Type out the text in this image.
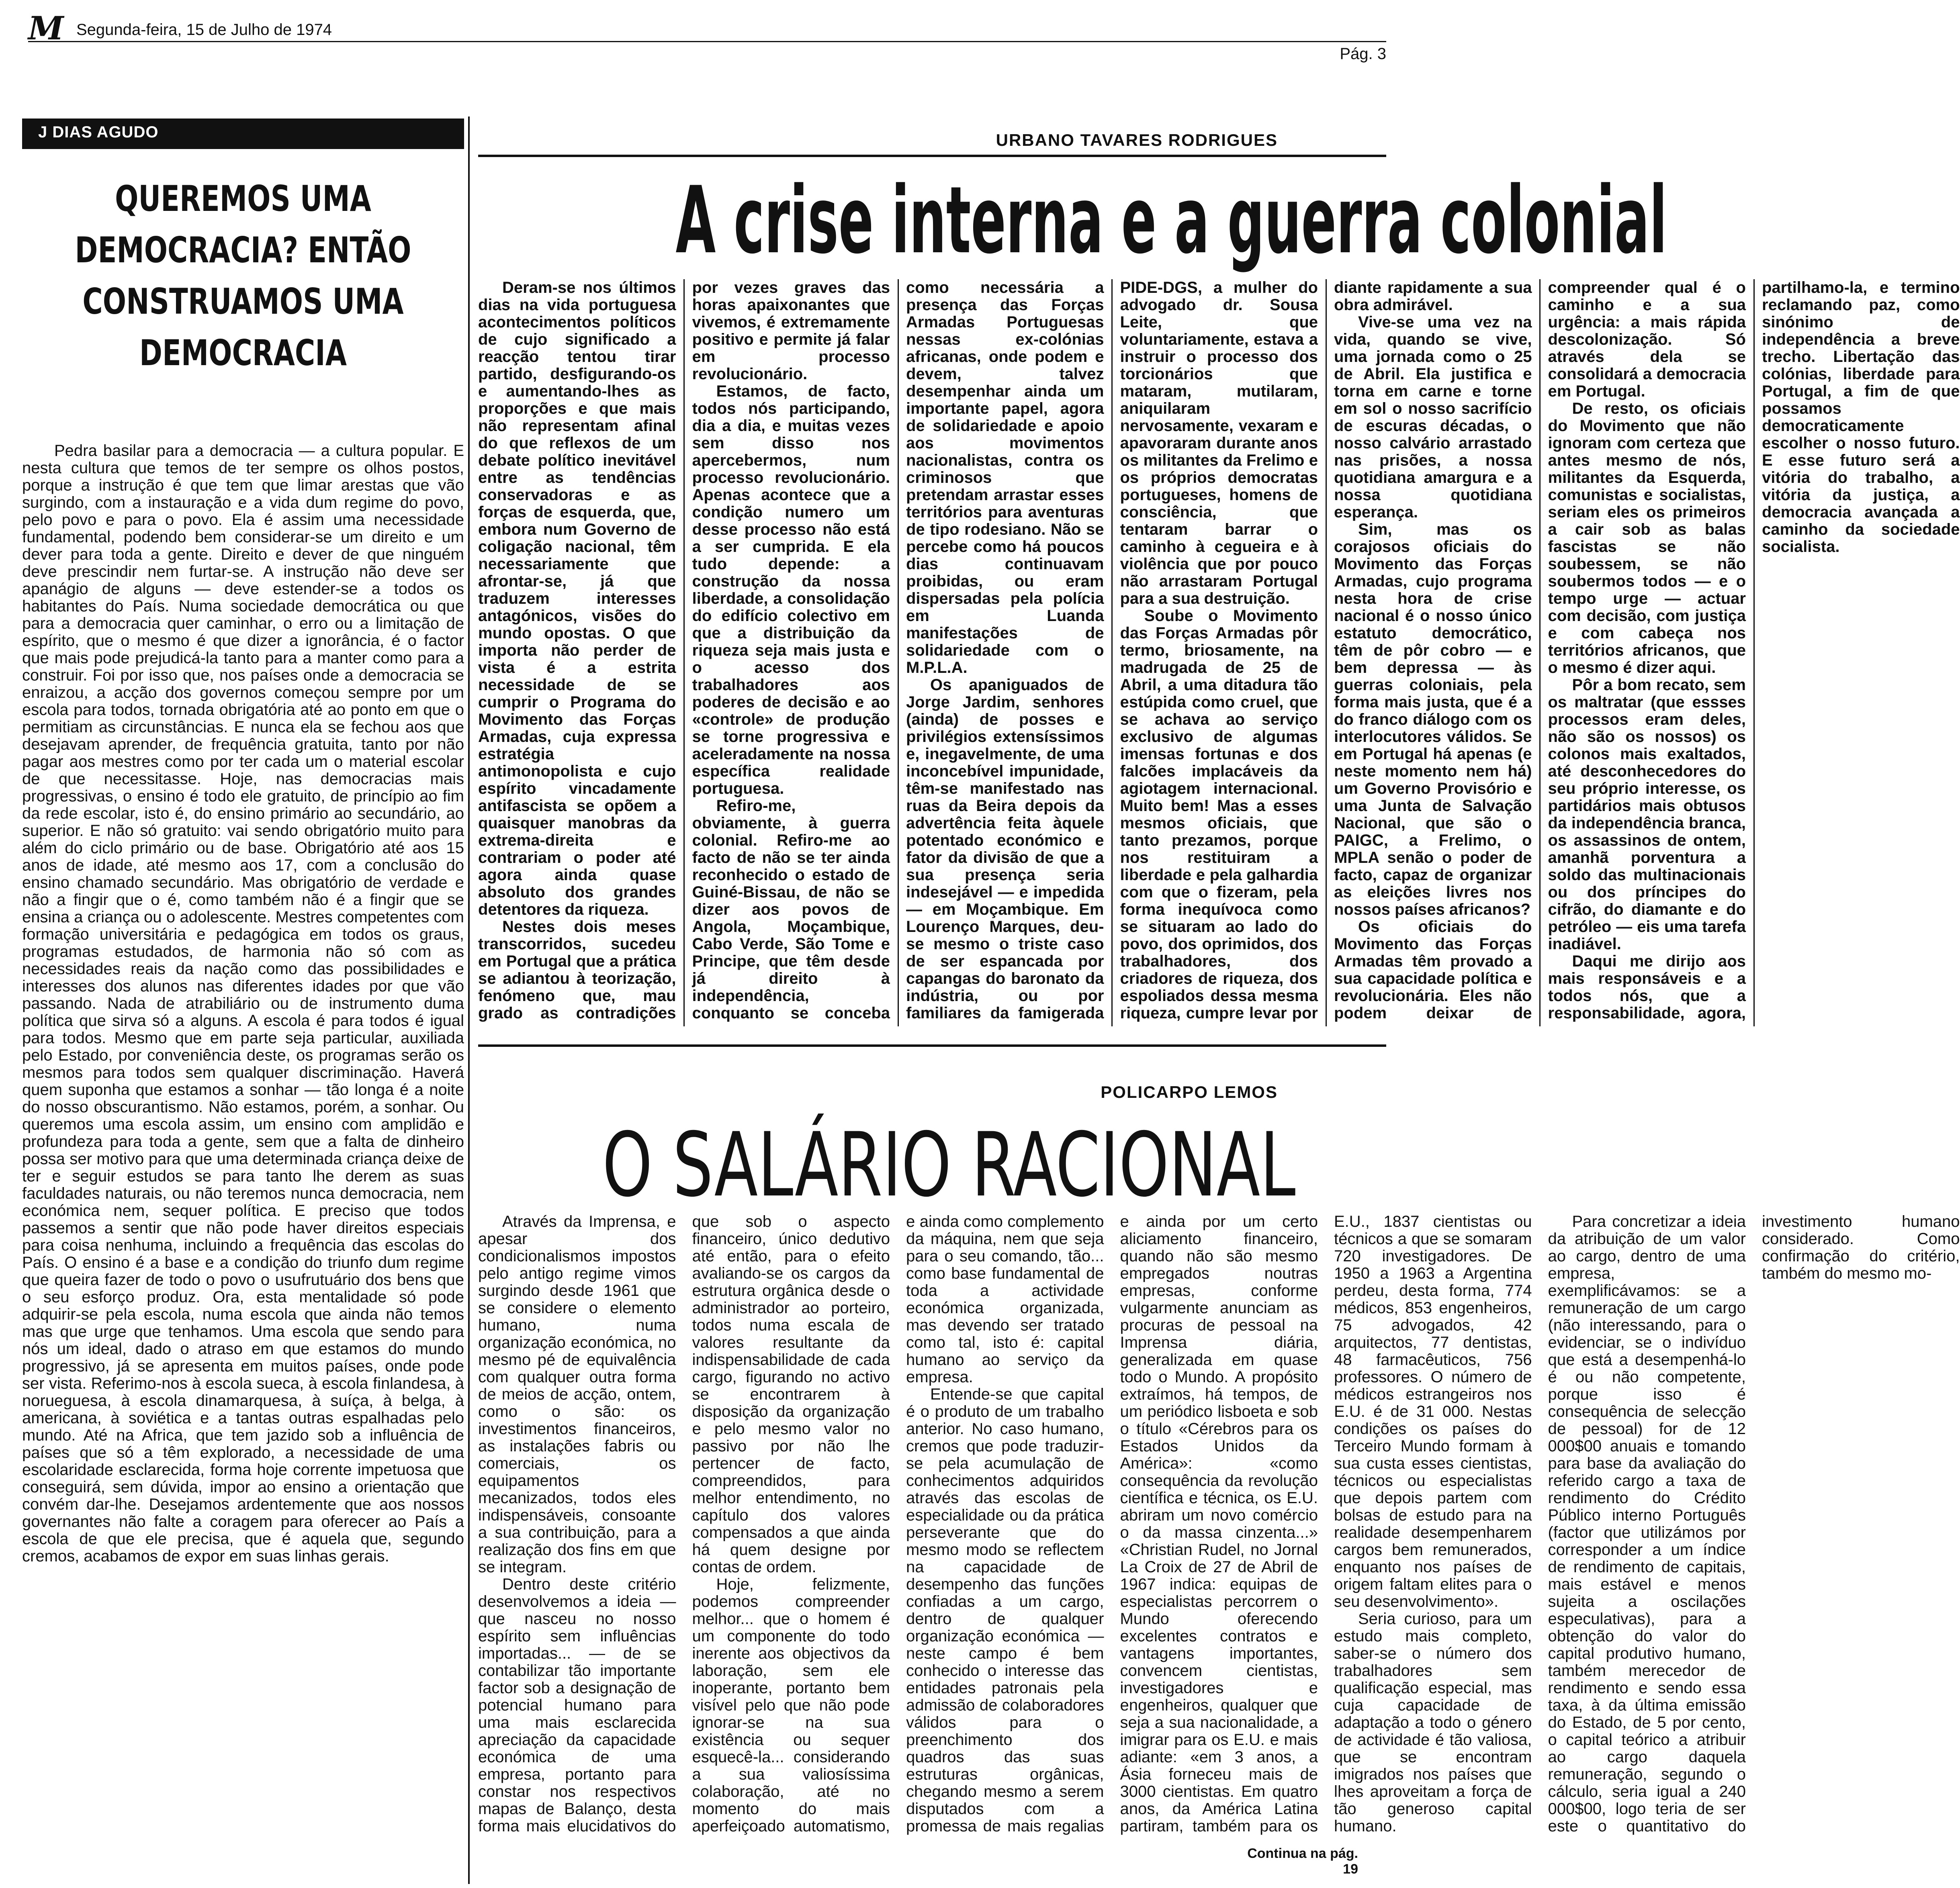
M Segunda-feira, 15 de Julho de 1974
Pág. 3
J DIAS AGUDO
QUEREMOS UMA DEMOCRACIA? ENTÃO CONSTRUAMOS UMA DEMOCRACIA

Pedra basilar para a democracia — a cultura popular. E nesta cultura que temos de ter sempre os olhos postos, porque a instrução é que tem que limar arestas que vão surgindo, com a instauração e a vida dum regime do povo, pelo povo e para o povo. Ela é assim uma necessidade fundamental, podendo bem considerar-se um direito e um dever para toda a gente. Direito e dever de que ninguém deve prescindir nem furtar-se. A instrução não deve ser apanágio de alguns — deve estender-se a todos os habitantes do País. Numa sociedade democrática ou que para a democracia quer caminhar, o erro ou a limitação de espírito, que o mesmo é que dizer a ignorância, é o factor que mais pode prejudicá-la tanto para a manter como para a construir. Foi por isso que, nos países onde a democracia se enraizou, a acção dos governos começou sempre por um escola para todos, tornada obrigatória até ao ponto em que o permitiam as circunstâncias. E nunca ela se fechou aos que desejavam aprender, de frequência gratuita, tanto por não pagar aos mestres como por ter cada um o material escolar de que necessitasse. Hoje, nas democracias mais progressivas, o ensino é todo ele gratuito, de princípio ao fim da rede escolar, isto é, do ensino primário ao secundário, ao superior. E não só gratuito: vai sendo obrigatório muito para além do ciclo primário ou de base. Obrigatório até aos 15 anos de idade, até mesmo aos 17, com a conclusão do ensino chamado secundário. Mas obrigatório de verdade e não a fingir que o é, como também não é a fingir que se ensina a criança ou o adolescente. Mestres competentes com formação universitária e pedagógica em todos os graus, programas estudados, de harmonia não só com as necessidades reais da nação como das possibilidades e interesses dos alunos nas diferentes idades por que vão passando. Nada de atrabiliário ou de instrumento duma política que sirva só a alguns. A escola é para todos é igual para todos. Mesmo que em parte seja particular, auxiliada pelo Estado, por conveniência deste, os programas serão os mesmos para todos sem qualquer discriminação. Haverá quem suponha que estamos a sonhar — tão longa é a noite do nosso obscurantismo. Não estamos, porém, a sonhar. Ou queremos uma escola assim, um ensino com amplidão e profundeza para toda a gente, sem que a falta de dinheiro possa ser motivo para que uma determinada criança deixe de ter e seguir estudos se para tanto lhe derem as suas faculdades naturais, ou não teremos nunca democracia, nem económica nem, sequer política. E preciso que todos passemos a sentir que não pode haver direitos especiais para coisa nenhuma, incluindo a frequência das escolas do País. O ensino é a base e a condição do triunfo dum regime que queira fazer de todo o povo o usufrutuário dos bens que o seu esforço produz. Ora, esta mentalidade só pode adquirir-se pela escola, numa escola que ainda não temos mas que urge que tenhamos. Uma escola que sendo para nós um ideal, dado o atraso em que estamos do mundo progressivo, já se apresenta em muitos países, onde pode ser vista. Referimo-nos à escola sueca, à escola finlandesa, à norueguesa, à escola dinamarquesa, à suíça, à belga, à americana, à soviética e a tantas outras espalhadas pelo mundo. Até na Africa, que tem jazido sob a influência de países que só a têm explorado, a necessidade de uma escolaridade esclarecida, forma hoje corrente impetuosa que conseguirá, sem dúvida, impor ao ensino a orientação que convém dar-lhe. Desejamos ardentemente que aos nossos governantes não falte a coragem para oferecer ao País a escola de que ele precisa, que é aquela que, segundo cremos, acabamos de expor em suas linhas gerais.

URBANO TAVARES RODRIGUES
A crise interna e a guerra colonial

Deram-se nos últimos dias na vida portuguesa acontecimentos políticos de cujo significado a reacção tentou tirar partido, desfigurando-os e aumentando-lhes as proporções e que mais não representam afinal do que reflexos de um debate político inevitável entre as tendências conservadoras e as forças de esquerda, que, embora num Governo de coligação nacional, têm necessariamente que afrontar-se, já que traduzem interesses antagónicos, visões do mundo opostas. O que importa não perder de vista é a estrita necessidade de se cumprir o Programa do Movimento das Forças Armadas, cuja expressa estratégia antimonopolista e cujo espírito vincadamente antifascista se opõem a quaisquer manobras da extrema-direita e contrariam o poder até agora ainda quase absoluto dos grandes detentores da riqueza.

Nestes dois meses transcorridos, sucedeu em Portugal que a prática se adiantou à teorização, fenómeno que, mau grado as contradições por vezes graves das horas apaixonantes que vivemos, é extremamente positivo e permite já falar em processo revolucionário.

Estamos, de facto, todos nós participando, dia a dia, e muitas vezes sem disso nos apercebermos, num processo revolucionário. Apenas acontece que a condição numero um desse processo não está a ser cumprida. E ela tudo depende: a construção da nossa liberdade, a consolidação do edifício colectivo em que a distribuição da riqueza seja mais justa e o acesso dos trabalhadores aos poderes de decisão e ao «controle» de produção se torne progressiva e aceleradamente na nossa específica realidade portuguesa.

Refiro-me, obviamente, à guerra colonial. Refiro-me ao facto de não se ter ainda reconhecido o estado de Guiné-Bissau, de não se dizer aos povos de Angola, Moçambique, Cabo Verde, São Tome e Principe, que têm desde já direito à independência, conquanto se conceba como necessária a presença das Forças Armadas Portuguesas nessas ex-colónias africanas, onde podem e devem, talvez desempenhar ainda um importante papel, agora de solidariedade e apoio aos movimentos nacionalistas, contra os criminosos que pretendam arrastar esses territórios para aventuras de tipo rodesiano. Não se percebe como há poucos dias continuavam proibidas, ou eram dispersadas pela polícia em Luanda manifestações de solidariedade com o M.P.L.A.

Os apaniguados de Jorge Jardim, senhores (ainda) de posses e privilégios extensíssimos e, inegavelmente, de uma inconcebível impunidade, têm-se manifestado nas ruas da Beira depois da advertência feita àquele potentado económico e fator da divisão de que a sua presença seria indesejável — e impedida — em Moçambique. Em Lourenço Marques, deu-se mesmo o triste caso de ser espancada por capangas do baronato da indústria, ou por familiares da famigerada PIDE-DGS, a mulher do advogado dr. Sousa Leite, que voluntariamente, estava a instruir o processo dos torcionários que mataram, mutilaram, aniquilaram nervosamente, vexaram e apavoraram durante anos os militantes da Frelimo e os próprios democratas portugueses, homens de consciência, que tentaram barrar o caminho à cegueira e à violência que por pouco não arrastaram Portugal para a sua destruição.

Soube o Movimento das Forças Armadas pôr termo, briosamente, na madrugada de 25 de Abril, a uma ditadura tão estúpida como cruel, que se achava ao serviço exclusivo de algumas imensas fortunas e dos falcões implacáveis da agiotagem internacional. Muito bem! Mas a esses mesmos oficiais, que tanto prezamos, porque nos restituiram a liberdade e pela galhardia com que o fizeram, pela forma inequívoca como se situaram ao lado do povo, dos oprimidos, dos trabalhadores, dos criadores de riqueza, dos espoliados dessa mesma riqueza, cumpre levar por diante rapidamente a sua obra admirável.

Vive-se uma vez na vida, quando se vive, uma jornada como o 25 de Abril. Ela justifica e torna em carne e torne em sol o nosso sacrifício de escuras décadas, o nosso calvário arrastado nas prisões, a nossa quotidiana amargura e a nossa quotidiana esperança.

Sim, mas os corajosos oficiais do Movimento das Forças Armadas, cujo programa nesta hora de crise nacional é o nosso único estatuto democrático, têm de pôr cobro — e bem depressa — às guerras coloniais, pela forma mais justa, que é a do franco diálogo com os interlocutores válidos. Se em Portugal há apenas (e neste momento nem há) um Governo Provisório e uma Junta de Salvação Nacional, que são o PAIGC, a Frelimo, o MPLA senão o poder de facto, capaz de organizar as eleições livres nos nossos países africanos?

Os oficiais do Movimento das Forças Armadas têm provado a sua capacidade política e revolucionária. Eles não podem deixar de compreender qual é o caminho e a sua urgência: a mais rápida descolonização. Só através dela se consolidará a democracia em Portugal.

De resto, os oficiais do Movimento que não ignoram com certeza que antes mesmo de nós, militantes da Esquerda, comunistas e socialistas, seriam eles os primeiros a cair sob as balas fascistas se não soubessem, se não soubermos todos — e o tempo urge — actuar com decisão, com justiça e com cabeça nos territórios africanos, que o mesmo é dizer aqui.

Pôr a bom recato, sem os maltratar (que essses processos eram deles, não são os nossos) os colonos mais exaltados, até desconhecedores do seu próprio interesse, os partidários mais obtusos da independência branca, os assassinos de ontem, amanhã porventura a soldo das multinacionais ou dos príncipes do cifrão, do diamante e do petróleo — eis uma tarefa inadiável.

Daqui me dirijo aos mais responsáveis e a todos nós, que a responsabilidade, agora, partilhamo-la, e termino reclamando paz, como sinónimo de independência a breve trecho. Libertação das colónias, liberdade para Portugal, a fim de que possamos democraticamente escolher o nosso futuro. E esse futuro será a vitória do trabalho, a vitória da justiça, a democracia avançada a caminho da sociedade socialista.

POLICARPO LEMOS
O SALÁRIO RACIONAL

Através da Imprensa, e apesar dos condicionalismos impostos pelo antigo regime vimos surgindo desde 1961 que se considere o elemento humano, numa organização económica, no mesmo pé de equivalência com qualquer outra forma de meios de acção, ontem, como o são: os investimentos financeiros, as instalações fabris ou comerciais, os equipamentos mecanizados, todos eles indispensáveis, consoante a sua contribuição, para a realização dos fins em que se integram.

Dentro deste critério desenvolvemos a ideia — que nasceu no nosso espírito sem influências importadas... — de se contabilizar tão importante factor sob a designação de potencial humano para uma mais esclarecida apreciação da capacidade económica de uma empresa, portanto para constar nos respectivos mapas de Balanço, desta forma mais elucidativos do que sob o aspecto financeiro, único dedutivo até então, para o efeito avaliando-se os cargos da estrutura orgânica desde o administrador ao porteiro, todos numa escala de valores resultante da indispensabilidade de cada cargo, figurando no activo se encontrarem à disposição da organização e pelo mesmo valor no passivo por não lhe pertencer de facto, compreendidos, para melhor entendimento, no capítulo dos valores compensados a que ainda há quem designe por contas de ordem.

Hoje, felizmente, podemos compreender melhor... que o homem é um componente do todo inerente aos objectivos da laboração, sem ele inoperante, portanto bem visível pelo que não pode ignorar-se na sua existência ou sequer esquecê-la... considerando a sua valiosíssima colaboração, até no momento do mais aperfeiçoado automatismo, e ainda como complemento da máquina, nem que seja para o seu comando, tão... como base fundamental de toda a actividade económica organizada, mas devendo ser tratado como tal, isto é: capital humano ao serviço da empresa.

Entende-se que capital é o produto de um trabalho anterior. No caso humano, cremos que pode traduzir-se pela acumulação de conhecimentos adquiridos através das escolas de especialidade ou da prática perseverante que do mesmo modo se reflectem na capacidade de desempenho das funções confiadas a um cargo, dentro de qualquer organização económica — neste campo é bem conhecido o interesse das entidades patronais pela admissão de colaboradores válidos para o preenchimento dos quadros das suas estruturas orgânicas, chegando mesmo a serem disputados com a promessa de mais regalias e ainda por um certo aliciamento financeiro, quando não são mesmo empregados noutras empresas, conforme vulgarmente anunciam as procuras de pessoal na Imprensa diária, generalizada em quase todo o Mundo. A propósito extraímos, há tempos, de um periódico lisboeta e sob o título «Cérebros para os Estados Unidos da América»: «como consequência da revolução científica e técnica, os E.U. abriram um novo comércio o da massa cinzenta...» «Christian Rudel, no Jornal La Croix de 27 de Abril de 1967 indica: equipas de especialistas percorrem o Mundo oferecendo excelentes contratos e vantagens importantes, convencem cientistas, investigadores e engenheiros, qualquer que seja a sua nacionalidade, a imigrar para os E.U. e mais adiante: «em 3 anos, a Ásia forneceu mais de 3000 cientistas. Em quatro anos, da América Latina partiram, também para os E.U., 1837 cientistas ou técnicos a que se somaram 720 investigadores. De 1950 a 1963 a Argentina perdeu, desta forma, 774 médicos, 853 engenheiros, 75 advogados, 42 arquitectos, 77 dentistas, 48 farmacêuticos, 756 professores. O número de médicos estrangeiros nos E.U. é de 31 000. Nestas condições os países do Terceiro Mundo formam à sua custa esses cientistas, técnicos ou especialistas que depois partem com bolsas de estudo para na realidade desempenharem cargos bem remunerados, enquanto nos países de origem faltam elites para o seu desenvolvimento».

Seria curioso, para um estudo mais completo, saber-se o número dos trabalhadores sem qualificação especial, mas cuja capacidade de adaptação a todo o género de actividade é tão valiosa, que se encontram imigrados nos países que lhes aproveitam a força de tão generoso capital humano.

Para concretizar a ideia da atribuição de um valor ao cargo, dentro de uma empresa, exemplificávamos: se a remuneração de um cargo (não interessando, para o evidenciar, se o indivíduo que está a desempenhá-lo é ou não competente, porque isso é consequência de selecção de pessoal) for de 12 000$00 anuais e tomando para base da avaliação do referido cargo a taxa de rendimento do Crédito Público interno Português (factor que utilizámos por corresponder a um índice de rendimento de capitais, mais estável e menos sujeita a oscilações especulativas), para a obtenção do valor do capital produtivo humano, também merecedor de rendimento e sendo essa taxa, à da última emissão do Estado, de 5 por cento, o capital teórico a atribuir ao cargo daquela remuneração, segundo o cálculo, seria igual a 240 000$00, logo teria de ser este o quantitativo do investimento humano considerado. Como confirmação do critério, também do mesmo mo-

Continua na pág. 19
